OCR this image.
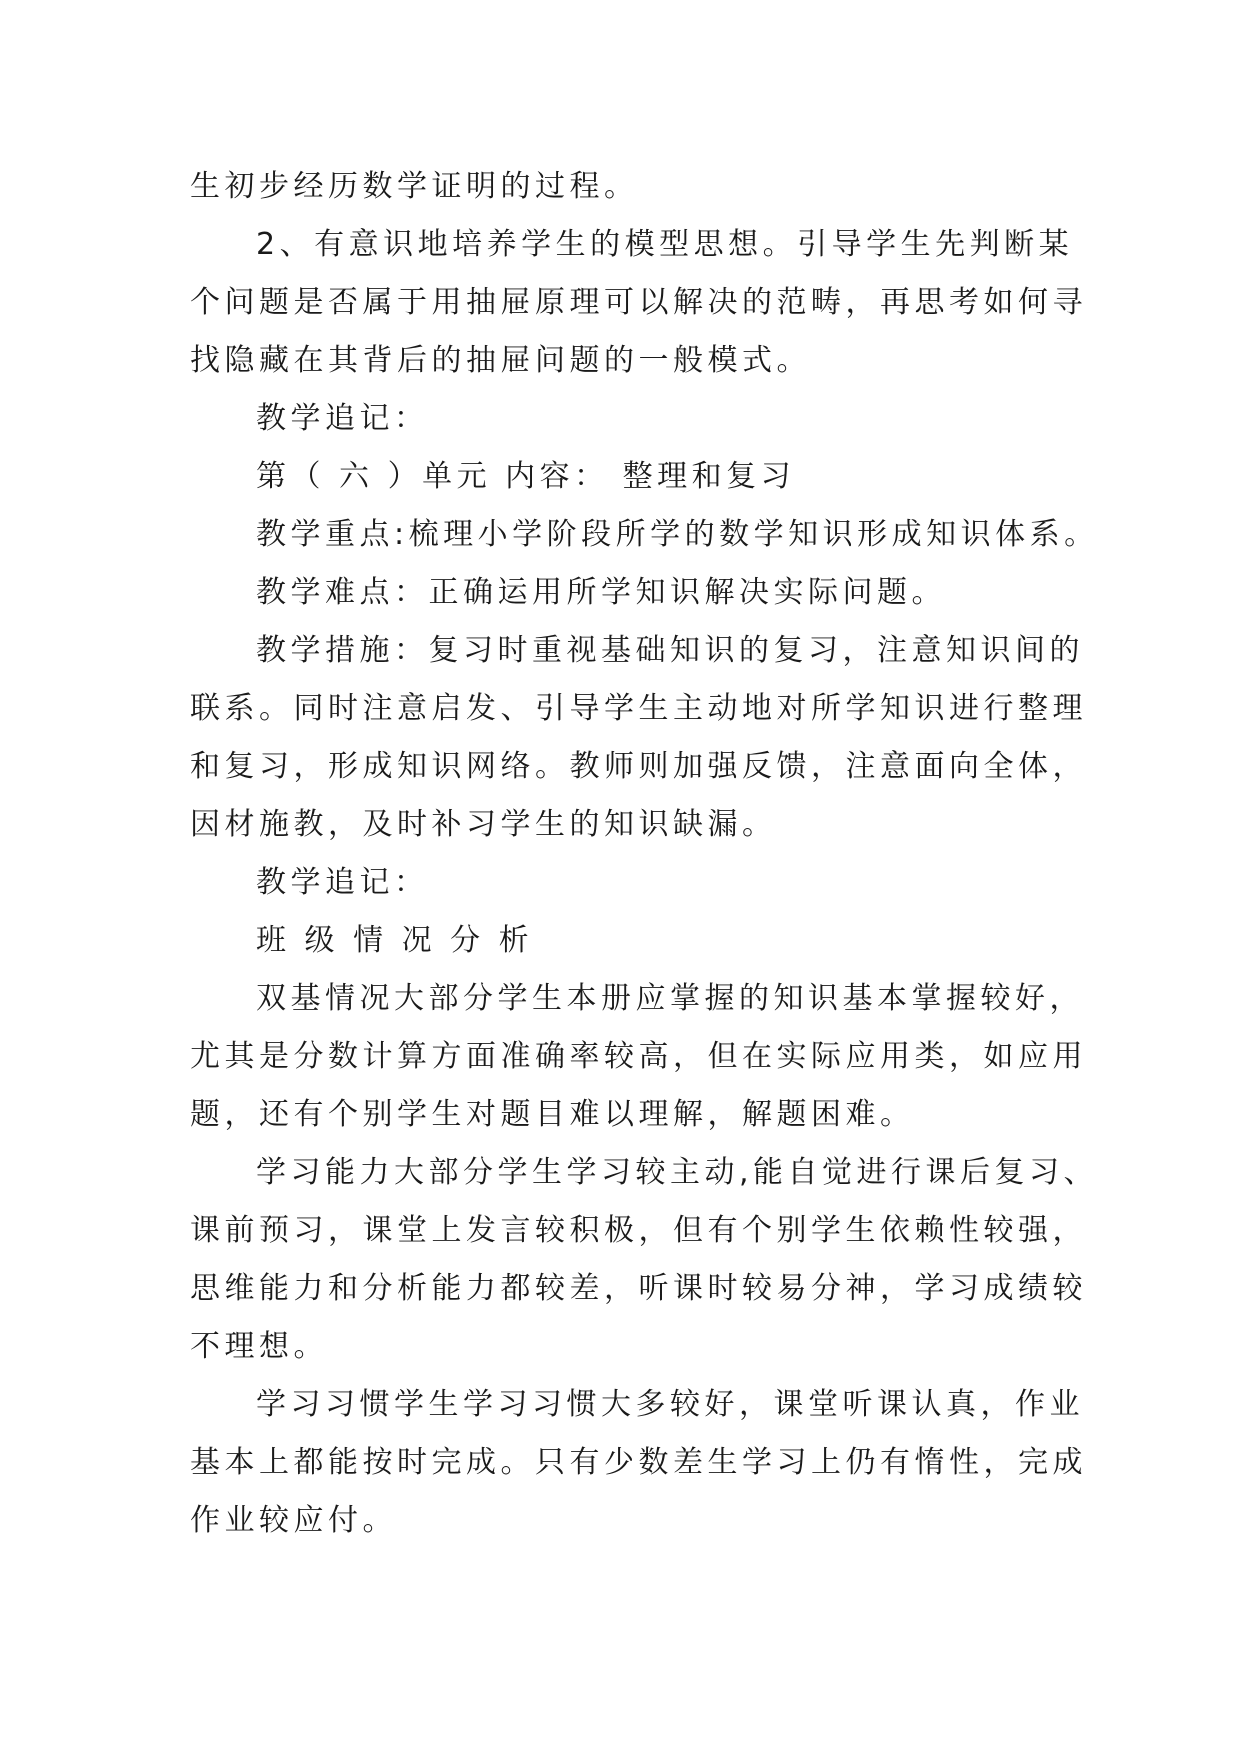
生初步经历数学证明的过程。
2、有意识地培养学生的模型思想。引导学生先判断某
个问题是否属于用抽屉原理可以解决的范畴，再思考如何寻
找隐藏在其背后的抽屉问题的一般模式。
教学追记：
第（ 六 ）单元 内容： 整理和复习
教学重点:梳理小学阶段所学的数学知识形成知识体系。
教学难点：正确运用所学知识解决实际问题。
教学措施：复习时重视基础知识的复习，注意知识间的
联系。同时注意启发、引导学生主动地对所学知识进行整理
和复习，形成知识网络。教师则加强反馈，注意面向全体，
因材施教，及时补习学生的知识缺漏。
教学追记：
班 级 情 况 分 析
双基情况大部分学生本册应掌握的知识基本掌握较好，
尤其是分数计算方面准确率较高，但在实际应用类，如应用
题，还有个别学生对题目难以理解，解题困难。
学习能力大部分学生学习较主动,能自觉进行课后复习、
课前预习，课堂上发言较积极，但有个别学生依赖性较强，
思维能力和分析能力都较差，听课时较易分神，学习成绩较
不理想。
学习习惯学生学习习惯大多较好，课堂听课认真，作业
基本上都能按时完成。只有少数差生学习上仍有惰性，完成
作业较应付。
